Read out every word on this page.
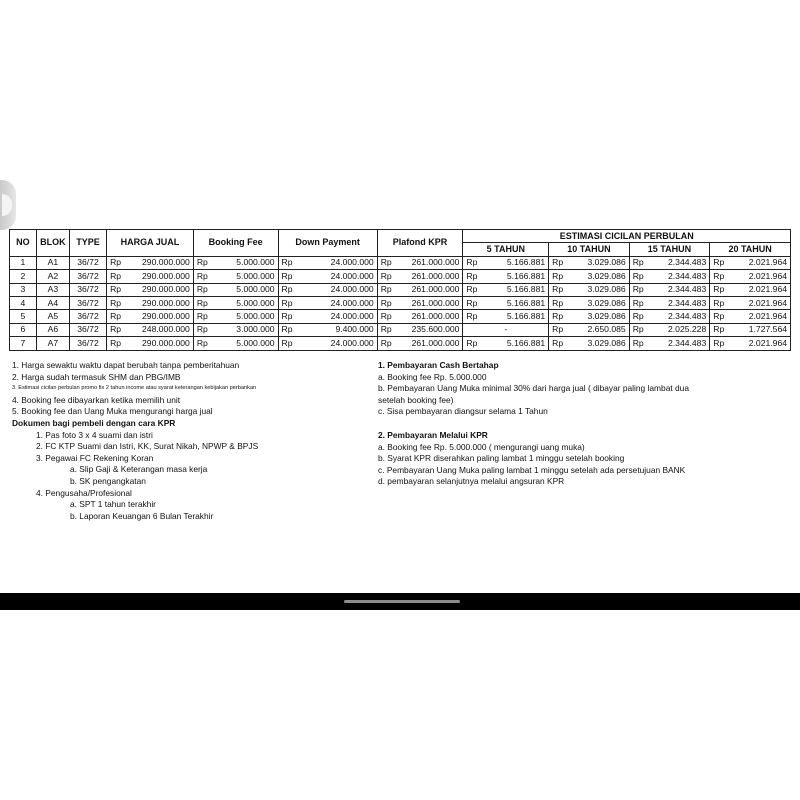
NO	BLOK	TYPE	HARGA JUAL		Booking Fee		Down Payment		Plafond KPR		ESTIMASI CICILAN PERBULAN							
											5 TAHUN		10 TAHUN		15 TAHUN		20 TAHUN	
1	A1	36/72	Rp	290.000.000	Rp	5.000.000	Rp	24.000.000	Rp	261.000.000	Rp	5.166.881	Rp	3.029.086	Rp	2.344.483	Rp	2.021.964
2	A2	36/72	Rp	290.000.000	Rp	5.000.000	Rp	24.000.000	Rp	261.000.000	Rp	5.166.881	Rp	3.029.086	Rp	2.344.483	Rp	2.021.964
3	A3	36/72	Rp	290.000.000	Rp	5.000.000	Rp	24.000.000	Rp	261.000.000	Rp	5.166.881	Rp	3.029.086	Rp	2.344.483	Rp	2.021.964
4	A4	36/72	Rp	290.000.000	Rp	5.000.000	Rp	24.000.000	Rp	261.000.000	Rp	5.166.881	Rp	3.029.086	Rp	2.344.483	Rp	2.021.964
5	A5	36/72	Rp	290.000.000	Rp	5.000.000	Rp	24.000.000	Rp	261.000.000	Rp	5.166.881	Rp	3.029.086	Rp	2.344.483	Rp	2.021.964
6	A6	36/72	Rp	248.000.000	Rp	3.000.000	Rp	9.400.000	Rp	235.600.000	-		Rp	2.650.085	Rp	2.025.228	Rp	1.727.564
7	A7	36/72	Rp	290.000.000	Rp	5.000.000	Rp	24.000.000	Rp	261.000.000	Rp	5.166.881	Rp	3.029.086	Rp	2.344.483	Rp	2.021.964
1. Harga sewaktu waktu dapat berubah tanpa pemberitahuan
2. Harga sudah termasuk SHM dan PBG/IMB
3. Estimasi cicilan perbulan promo fix 2 tahun income atau syarat keterangan kebijakan perbankan
4. Booking fee dibayarkan ketika memilih unit
5. Booking fee dan Uang Muka mengurangi harga jual
Dokumen bagi pembeli dengan cara KPR
1. Pas foto 3 x 4 suami dan istri
2. FC KTP Suami dan Istri, KK, Surat Nikah, NPWP & BPJS
3. Pegawai FC Rekening Koran
a. Slip Gaji & Keterangan masa kerja
b. SK pengangkatan
4. Pengusaha/Profesional
a. SPT 1 tahun terakhir
b. Laporan Keuangan 6 Bulan Terakhir
1. Pembayaran Cash Bertahap
a. Booking fee Rp. 5.000.000
b. Pembayaran Uang Muka minimal 30% dari harga jual ( dibayar paling lambat dua
setelah booking fee)
c. Sisa pembayaran diangsur selama 1 Tahun
2. Pembayaran Melalui KPR
a. Booking fee Rp. 5.000.000 ( mengurangi uang muka)
b. Syarat KPR diserahkan paling lambat 1 minggu setelah booking
c. Pembayaran Uang Muka paling lambat 1 minggu setelah ada persetujuan BANK
d. pembayaran selanjutnya melalui angsuran KPR
